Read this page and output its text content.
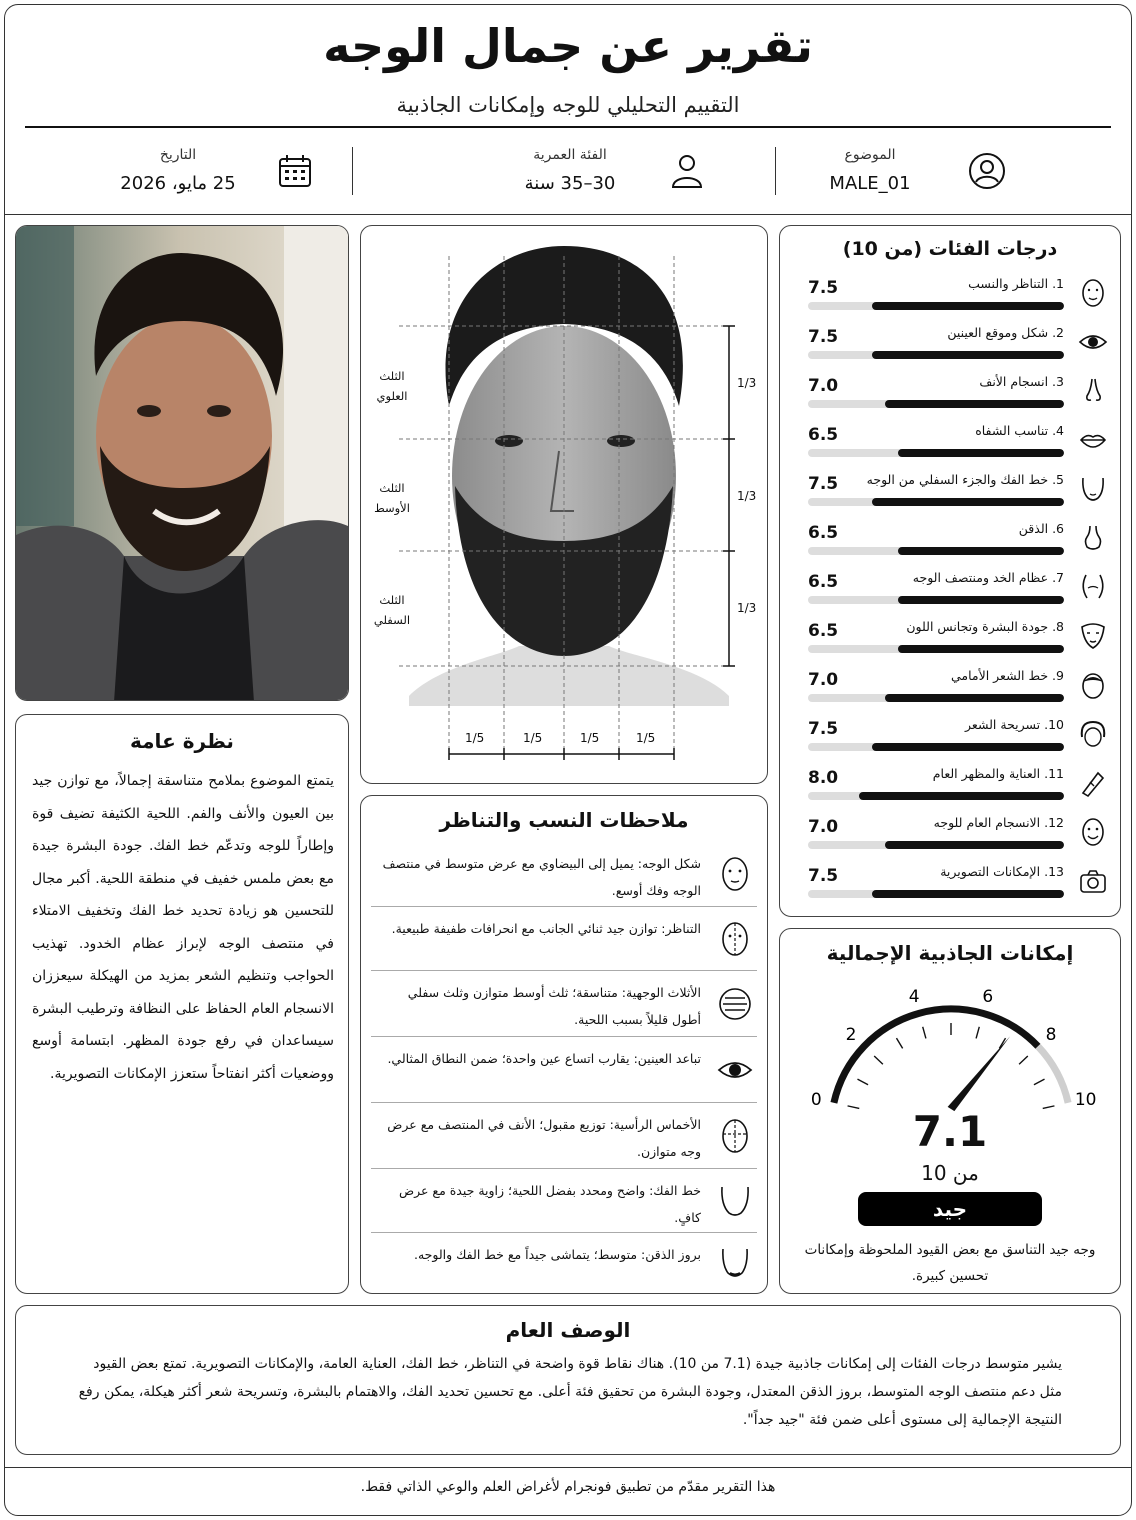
تقرير عن جمال الوجه
التقييم التحليلي للوجه وإمكانات الجاذبية
الموضوع
MALE_01
الفئة العمرية
30–35 سنة
التاريخ
25 مايو، 2026
نظرة عامة
يتمتع الموضوع بملامح متناسقة إجمالاً، مع توازن جيد بين العيون والأنف والفم. اللحية الكثيفة تضيف قوة وإطاراً للوجه وتدعّم خط الفك. جودة البشرة جيدة مع بعض ملمس خفيف في منطقة اللحية. أكبر مجال للتحسين هو زيادة تحديد خط الفك وتخفيف الامتلاء في منتصف الوجه لإبراز عظام الخدود. تهذيب الحواجب وتنظيم الشعر بمزيد من الهيكلة سيعززان الانسجام العام الحفاظ على النظافة وترطيب البشرة سيساعدان في رفع جودة المظهر. ابتسامة أوسع ووضعيات أكثر انفتاحاً ستعزز الإمكانات التصويرية.
الثلث
العلوي
الثلث
الأوسط
الثلث
السفلي
1/3
1/3
1/3
1/5	1/5	1/5	1/5
ملاحظات النسب والتناظر
شكل الوجه: يميل إلى البيضاوي مع عرض متوسط في منتصف الوجه وفك أوسع.
التناظر: توازن جيد ثنائي الجانب مع انحرافات طفيفة طبيعية.
الأثلاث الوجهية: متناسقة؛ ثلث أوسط متوازن وثلث سفلي أطول قليلاً بسبب اللحية.
تباعد العينين: يقارب اتساع عين واحدة؛ ضمن النطاق المثالي.
الأخماس الرأسية: توزيع مقبول؛ الأنف في المنتصف مع عرض وجه متوازن.
خط الفك: واضح ومحدد بفضل اللحية؛ زاوية جيدة مع عرض كافٍ.
بروز الذقن: متوسط؛ يتماشى جيداً مع خط الفك والوجه.
درجات الفئات (من 10)
1. التناظر والنسب
7.5
2. شكل وموقع العينين
7.5
3. انسجام الأنف
7.0
4. تناسب الشفاه
6.5
5. خط الفك والجزء السفلي من الوجه
7.5
6. الذقن
6.5
7. عظام الخد ومنتصف الوجه
6.5
8. جودة البشرة وتجانس اللون
6.5
9. خط الشعر الأمامي
7.0
10. تسريحة الشعر
7.5
11. العناية والمظهر العام
8.0
12. الانسجام العام للوجه
7.0
13. الإمكانات التصويرية
7.5
إمكانات الجاذبية الإجمالية
0
2
4	6
8
10
7.1
من 10
جيد
وجه جيد التناسق مع بعض القيود الملحوظة وإمكانات تحسين كبيرة.
الوصف العام
يشير متوسط درجات الفئات إلى إمكانات جاذبية جيدة (7.1 من 10). هناك نقاط قوة واضحة في التناظر، خط الفك، العناية العامة، والإمكانات التصويرية. تمتع بعض القيود مثل دعم منتصف الوجه المتوسط، بروز الذقن المعتدل، وجودة البشرة من تحقيق فئة أعلى. مع تحسين تحديد الفك، والاهتمام بالبشرة، وتسريحة شعر أكثر هيكلة، يمكن رفع النتيجة الإجمالية إلى مستوى أعلى ضمن فئة "جيد جداً".
هذا التقرير مقدّم من تطبيق فونجرام لأغراض العلم والوعي الذاتي فقط.
